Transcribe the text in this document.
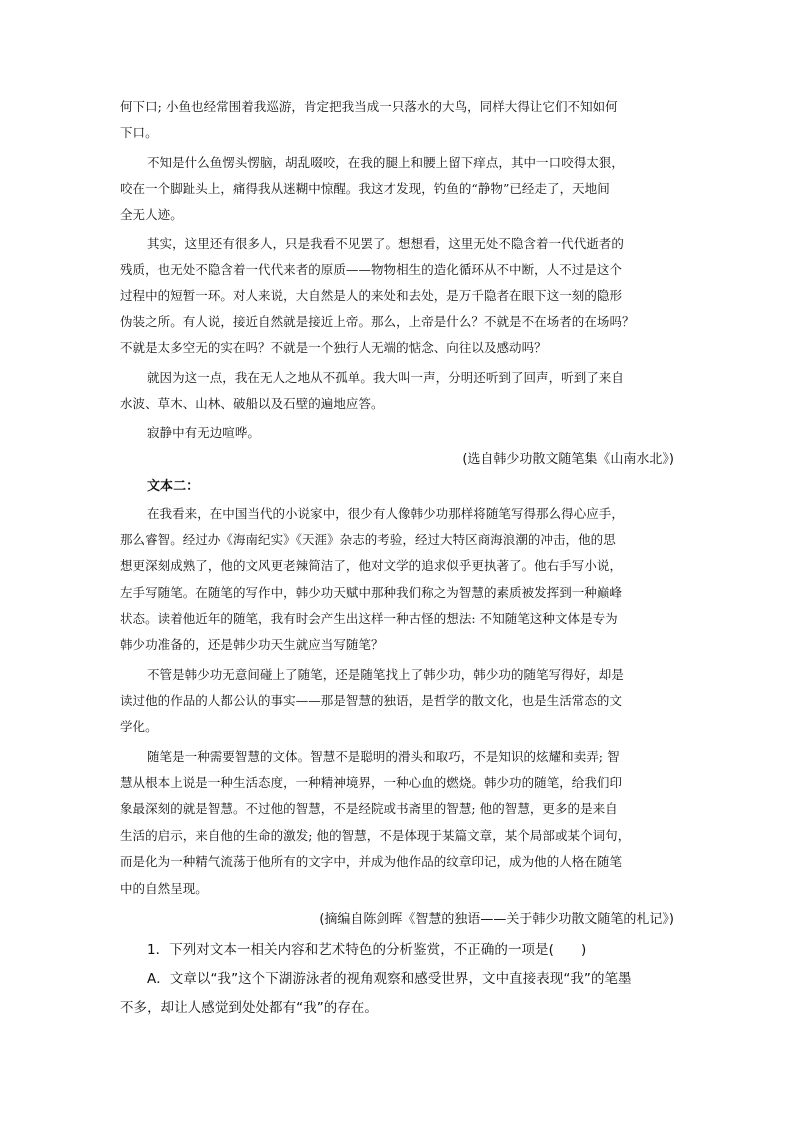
何下口; 小鱼也经常围着我巡游，肯定把我当成一只落水的大鸟，同样大得让它们不知如何
下口。
不知是什么鱼愣头愣脑，胡乱啜咬，在我的腿上和腰上留下痒点，其中一口咬得太狠，
咬在一个脚趾头上，痛得我从迷糊中惊醒。我这才发现，钓鱼的“静物”已经走了，天地间
全无人迹。
其实，这里还有很多人，只是我看不见罢了。想想看，这里无处不隐含着一代代逝者的
残质，也无处不隐含着一代代来者的原质——物物相生的造化循环从不中断，人不过是这个
过程中的短暂一环。对人来说，大自然是人的来处和去处，是万千隐者在眼下这一刻的隐形
伪装之所。有人说，接近自然就是接近上帝。那么，上帝是什么？不就是不在场者的在场吗？
不就是太多空无的实在吗？不就是一个独行人无端的惦念、向往以及感动吗？
就因为这一点，我在无人之地从不孤单。我大叫一声，分明还听到了回声，听到了来自
水波、草木、山林、破船以及石壁的遍地应答。
寂静中有无边喧哗。
(选自韩少功散文随笔集《山南水北》)
文本二：
在我看来，在中国当代的小说家中，很少有人像韩少功那样将随笔写得那么得心应手，
那么睿智。经过办《海南纪实》《天涯》杂志的考验，经过大特区商海浪潮的冲击，他的思
想更深刻成熟了，他的文风更老辣简洁了，他对文学的追求似乎更执著了。他右手写小说，
左手写随笔。在随笔的写作中，韩少功天赋中那种我们称之为智慧的素质被发挥到一种巅峰
状态。读着他近年的随笔，我有时会产生出这样一种古怪的想法: 不知随笔这种文体是专为
韩少功准备的，还是韩少功天生就应当写随笔？
不管是韩少功无意间碰上了随笔，还是随笔找上了韩少功，韩少功的随笔写得好，却是
读过他的作品的人都公认的事实——那是智慧的独语，是哲学的散文化，也是生活常态的文
学化。
随笔是一种需要智慧的文体。智慧不是聪明的滑头和取巧，不是知识的炫耀和卖弄; 智
慧从根本上说是一种生活态度，一种精神境界，一种心血的燃烧。韩少功的随笔，给我们印
象最深刻的就是智慧。不过他的智慧，不是经院或书斋里的智慧; 他的智慧，更多的是来自
生活的启示，来自他的生命的激发; 他的智慧，不是体现于某篇文章，某个局部或某个词句，
而是化为一种精气流荡于他所有的文字中，并成为他作品的纹章印记，成为他的人格在随笔
中的自然呈现。
(摘编自陈剑晖《智慧的独语——关于韩少功散文随笔的札记》)
1．下列对文本一相关内容和艺术特色的分析鉴赏，不正确的一项是(　　)
A．文章以“我”这个下湖游泳者的视角观察和感受世界，文中直接表现“我”的笔墨
不多，却让人感觉到处处都有“我”的存在。
